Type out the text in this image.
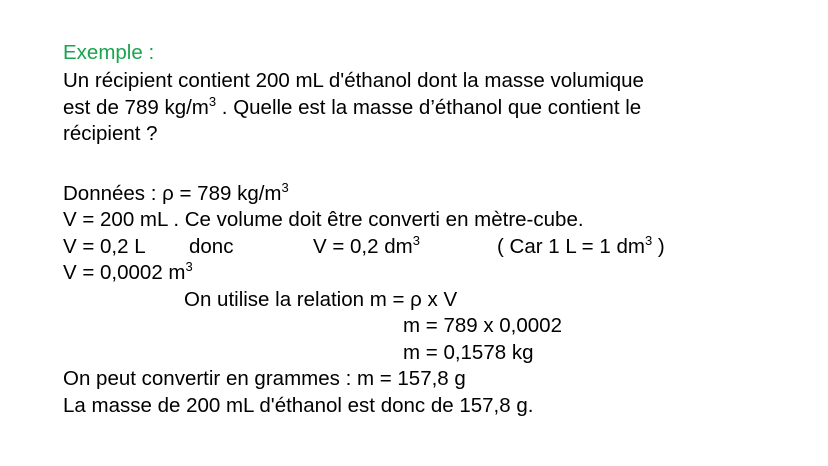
Exemple :
Un récipient contient 200 mL d'éthanol dont la masse volumique
est de 789 $kg/m^3$ . Quelle est la masse d’éthanol que contient le
récipient ?
Données : ρ = 789 $kg/m^3$
V = 200 mL . Ce volume doit être converti en mètre-cube.
V = 0,2 L donc	V = 0,2 $dm^3$	( Car 1 L = 1 $dm^3$ )
V = 0,0002 $m^3$
On utilise la relation m = ρ x V
m = 789 x 0,0002
m = 0,1578 kg
On peut convertir en grammes : m = 157,8 g
La masse de 200 mL d'éthanol est donc de 157,8 g.
